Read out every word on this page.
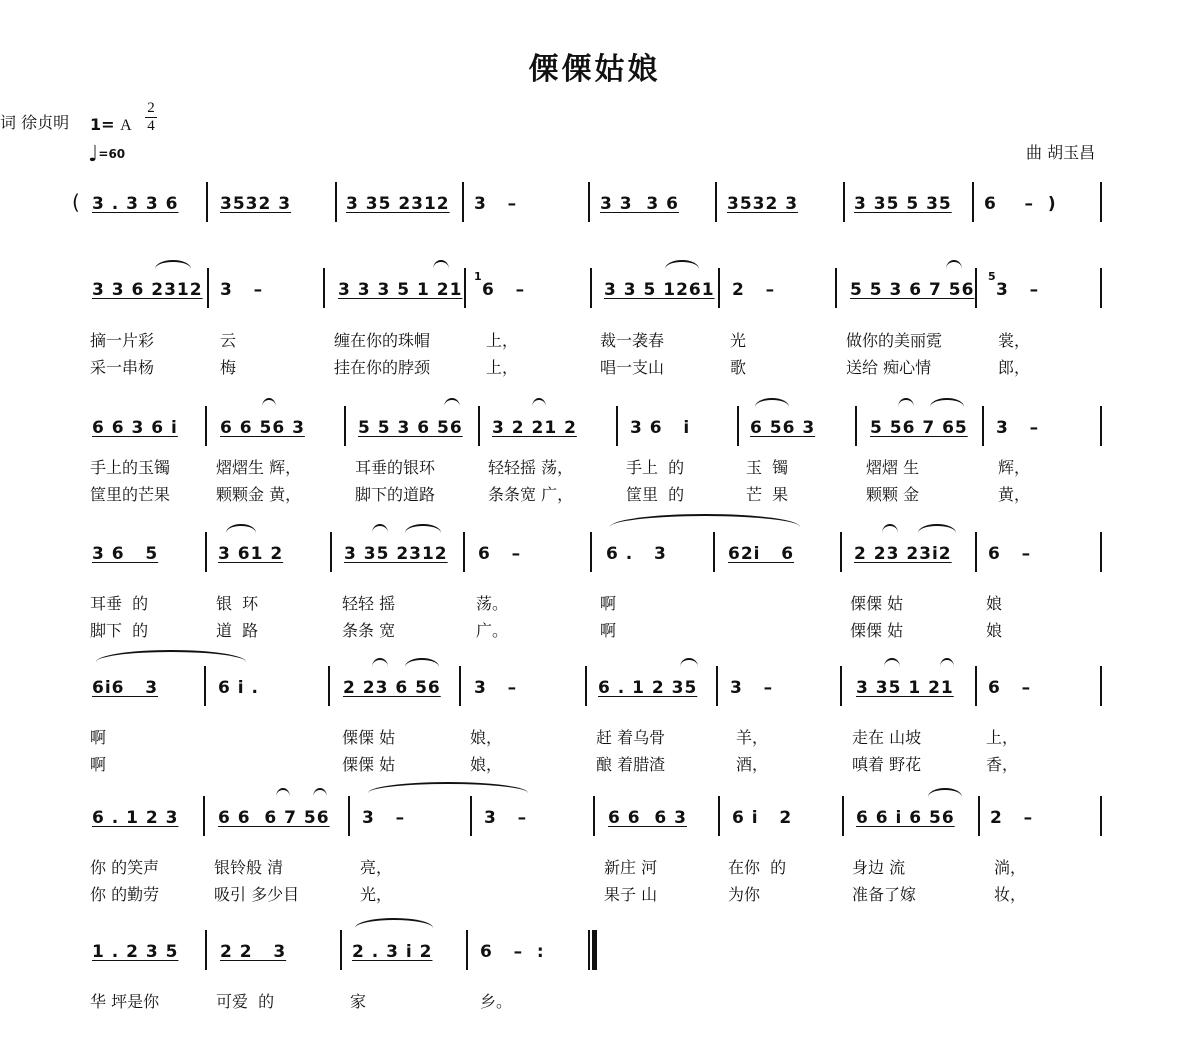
傈傈姑娘
1= A
2
4
♩=60
词 徐贞明
曲 胡玉昌
( 3 . 3 3 6 3532 3	3 35 2312 3   –	3 3  3 6	3532 3	3 35 5 35 6    –  )
3 3 6 2312 3   –	3 3 3 5 1 21
1
6   –	3 3 5 1261 2   –	5 5 3 6 7 56
5
3   –
摘一片彩	云	缠在你的珠帽	上，	裁一袭春	光	做你的美丽霓	裳，
采一串杨	梅	挂在你的脖颈	上，	唱一支山	歌	送给 痴心情	郎，
6 6 3 6 i 6 6 56 3	5 5 3 6 56 3 2 21 2	3 6   i	6 56 3	5 56 7 65 3   –
手上的玉镯	熠熠生 辉，	耳垂的银环	轻轻摇 荡，	手上  的	玉  镯	熠熠 生	辉，
筐里的芒果	颗颗金 黄，	脚下的道路	条条宽 广，	筐里  的	芒  果	颗颗 金	黄，
3 6   5	3 61 2	3 35 2312 6   –	6 .   3	62i   6	2 23 23i2 6   –
耳垂  的	银  环	轻轻 摇	荡。	啊	傈傈 姑	娘
脚下  的	道  路	条条 宽	广。	啊	傈傈 姑	娘
6i6   3	6 i .	2 23 6 56 3   –	6 . 1 2 35 3   –	3 35 1 21 6   –
啊	傈傈 姑	娘，	赶 着乌骨	羊，	走在 山坡	上，
啊	傈傈 姑	娘，	酿 着腊渣	酒，	嗔着 野花	香，
6 . 1 2 3 6 6  6 7 56 3   –	3   –	6 6  6 3	6 i   2	6 6 i 6 56 2   –
你 的笑声	银铃般 清	亮，	新庄 河	在你  的	身边 流	淌，
你 的勤劳	吸引 多少目	光，	果子 山	为你	准备了嫁	妆，
1 . 2 3 5 2 2   3	2 . 3 i 2	6   –  :
华 坪是你	可爱  的	家	乡。
